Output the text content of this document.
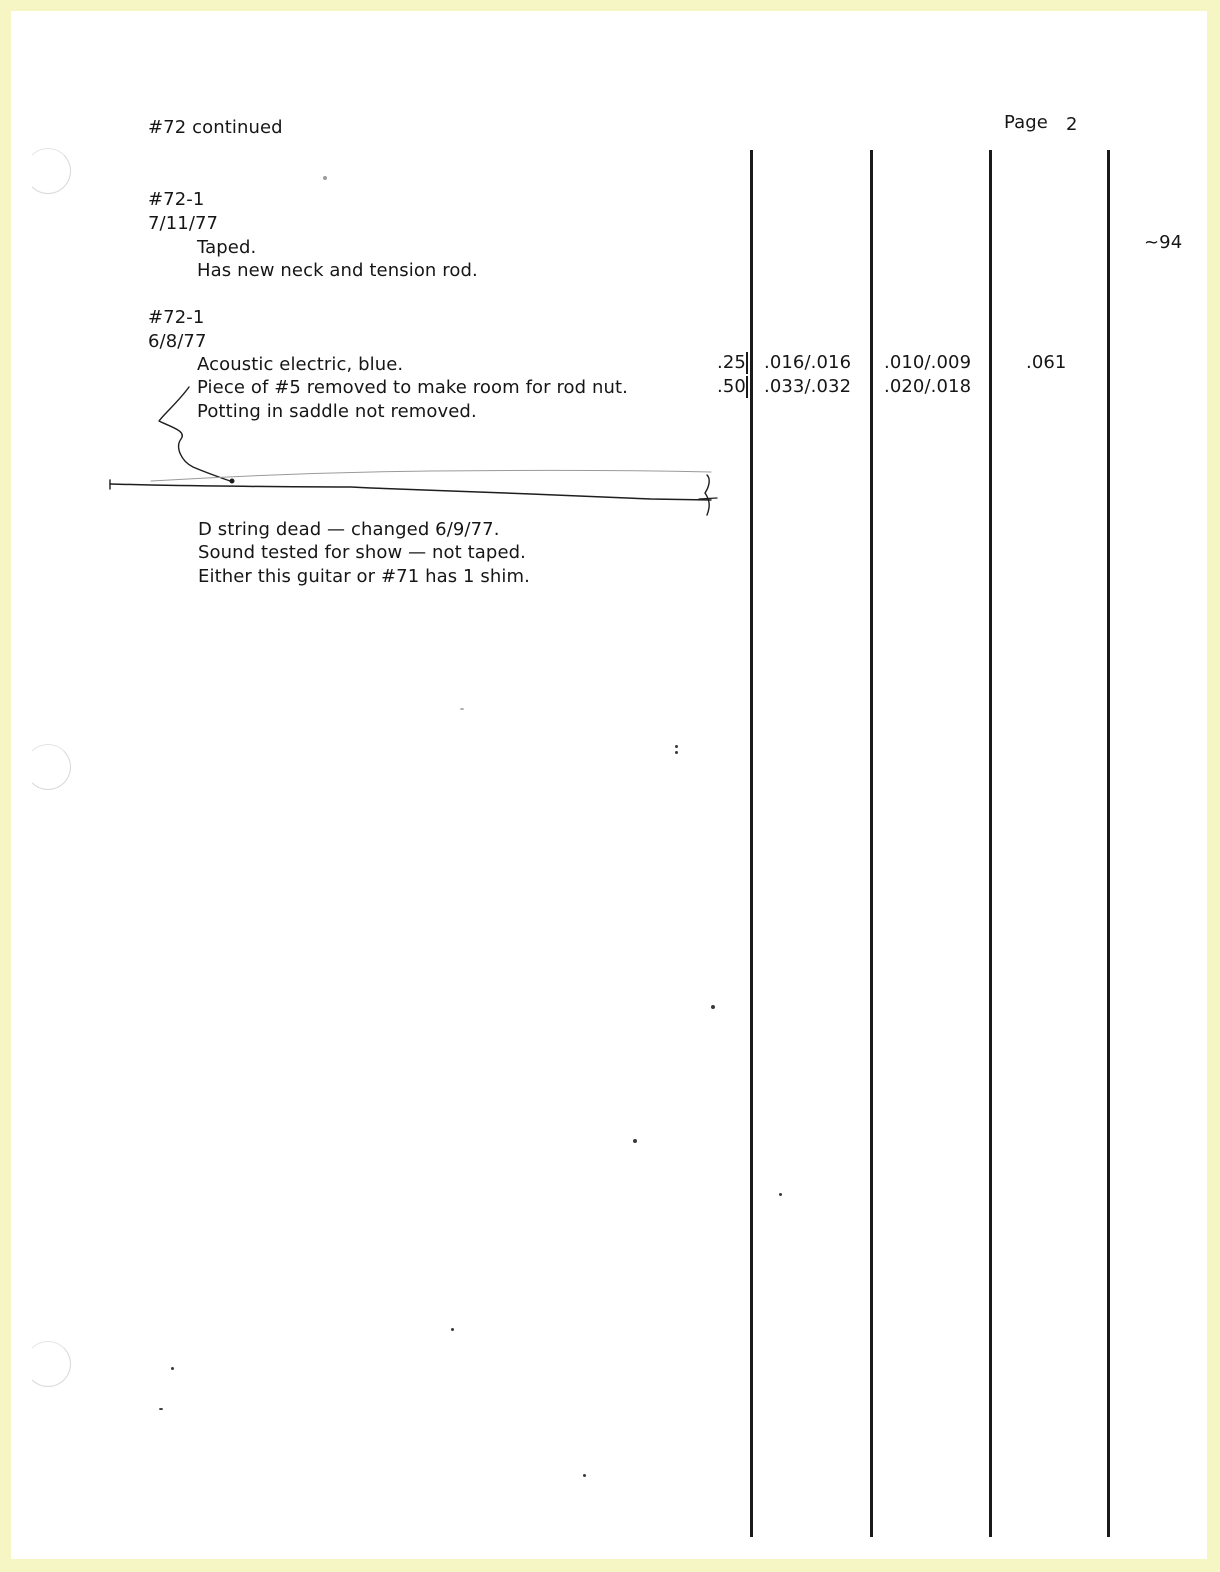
#72 continued	Page 2
~94
#72-1
7/11/77
Taped.
Has new neck and tension rod.
#72-1
6/8/77
Acoustic electric, blue.
Piece of #5 removed to make room for rod nut.
Potting in saddle not removed.
.25 .016/.016 .010/.009	.061
.50 .033/.032 .020/.018
D string dead — changed 6/9/77.
Sound tested for show — not taped.
Either this guitar or #71 has 1 shim.
